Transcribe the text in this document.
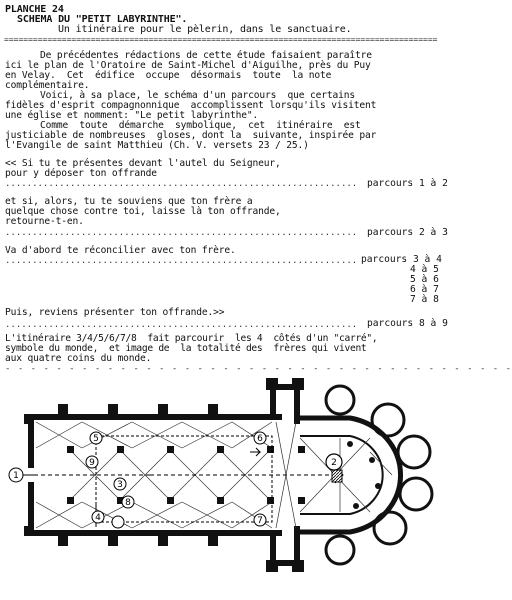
PLANCHE 24
SCHEMA DU "PETIT LABYRINTHE".
Un itinéraire pour le pèlerin, dans le sanctuaire.
==========================================================================================
De précédentes rédactions de cette étude faisaient paraître
ici le plan de l'Oratoire de Saint-Michel d'Aiguilhe, près du Puy
en Velay.  Cet  édifice  occupe  désormais  toute  la note
complémentaire.
Voici, à sa place, le schéma d'un parcours  que certains
fidèles d'esprit compagnonnique  accomplissent lorsqu'ils visitent
une église et nomment: "Le petit labyrinthe".
Comme  toute  démarche  symbolique,  cet  itinéraire  est
justiciable de nombreuses  gloses, dont la  suivante, inspirée par
l'Evangile de saint Matthieu (Ch. V. versets 23 / 25.)
<< Si tu te présentes devant l'autel du Seigneur,
pour y déposer ton offrande
.................................................................	parcours 1 à 2
et si, alors, tu te souviens que ton frère a
quelque chose contre toi, laisse là ton offrande,
retourne-t-en.
.................................................................	parcours 2 à 3
Va d'abord te réconcilier avec ton frère.
................................................................. parcours 3 à 4
4 à 5
5 à 6
6 à 7
7 à 8
Puis, reviens présenter ton offrande.>>
.................................................................	parcours 8 à 9
L'itinéraire 3/4/5/6/7/8  fait parcourir  les 4  côtés d'un "carré",
symbole du monde,  et image de  la totalité des  frères qui vivent
aux quatre coins du monde.
- - - - - - - - - - - - - - - - - - - - - - - - - - - - - - - - - - - - - - - -
1
2
3
4
5	6
7
8
9
